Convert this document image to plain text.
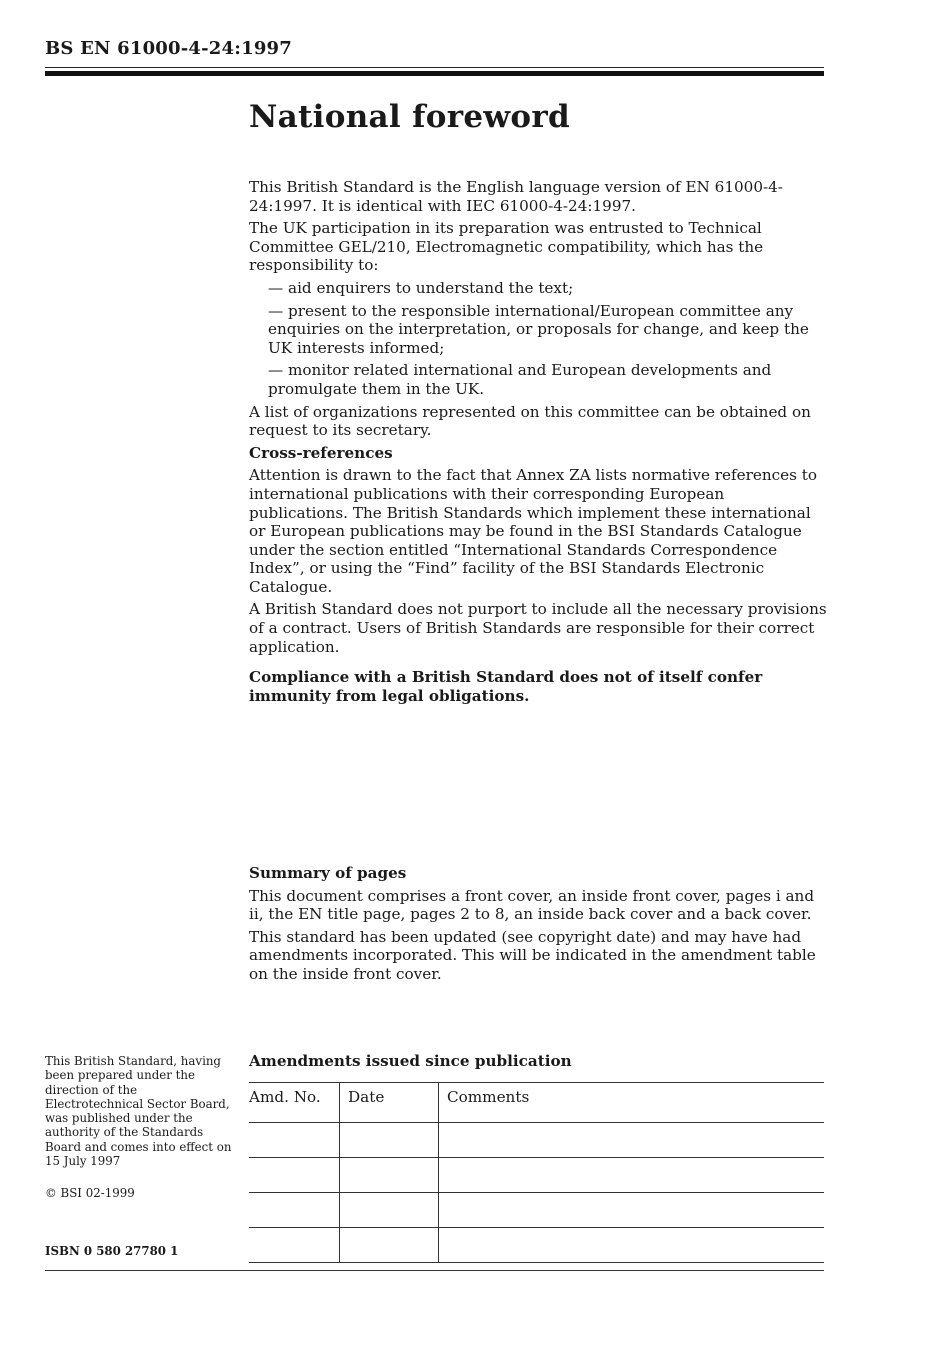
BS EN 61000-4-24:1997
National foreword

This British Standard is the English language version of EN 61000-4-24:1997. It is identical with IEC 61000-4-24:1997.

The UK participation in its preparation was entrusted to Technical Committee GEL/210, Electromagnetic compatibility, which has the responsibility to:

— aid enquirers to understand the text;

— present to the responsible international/European committee any enquiries on the interpretation, or proposals for change, and keep the UK interests informed;

— monitor related international and European developments and promulgate them in the UK.

A list of organizations represented on this committee can be obtained on request to its secretary.

Cross-references

Attention is drawn to the fact that Annex ZA lists normative references to international publications with their corresponding European publications. The British Standards which implement these international or European publications may be found in the BSI Standards Catalogue under the section entitled “International Standards Correspondence Index”, or using the “Find” facility of the BSI Standards Electronic Catalogue.

A British Standard does not purport to include all the necessary provisions of a contract. Users of British Standards are responsible for their correct application.

Compliance with a British Standard does not of itself confer immunity from legal obligations.

Summary of pages

This document comprises a front cover, an inside front cover, pages i and ii, the EN title page, pages 2 to 8, an inside back cover and a back cover.

This standard has been updated (see copyright date) and may have had amendments incorporated. This will be indicated in the amendment table on the inside front cover.

This British Standard, having been prepared under the direction of the Electrotechnical Sector Board, was published under the authority of the Standards Board and comes into effect on 15 July 1997
© BSI 02-1999
ISBN 0 580 27780 1
Amendments issued since publication
Amd. No.	Date	Comments
